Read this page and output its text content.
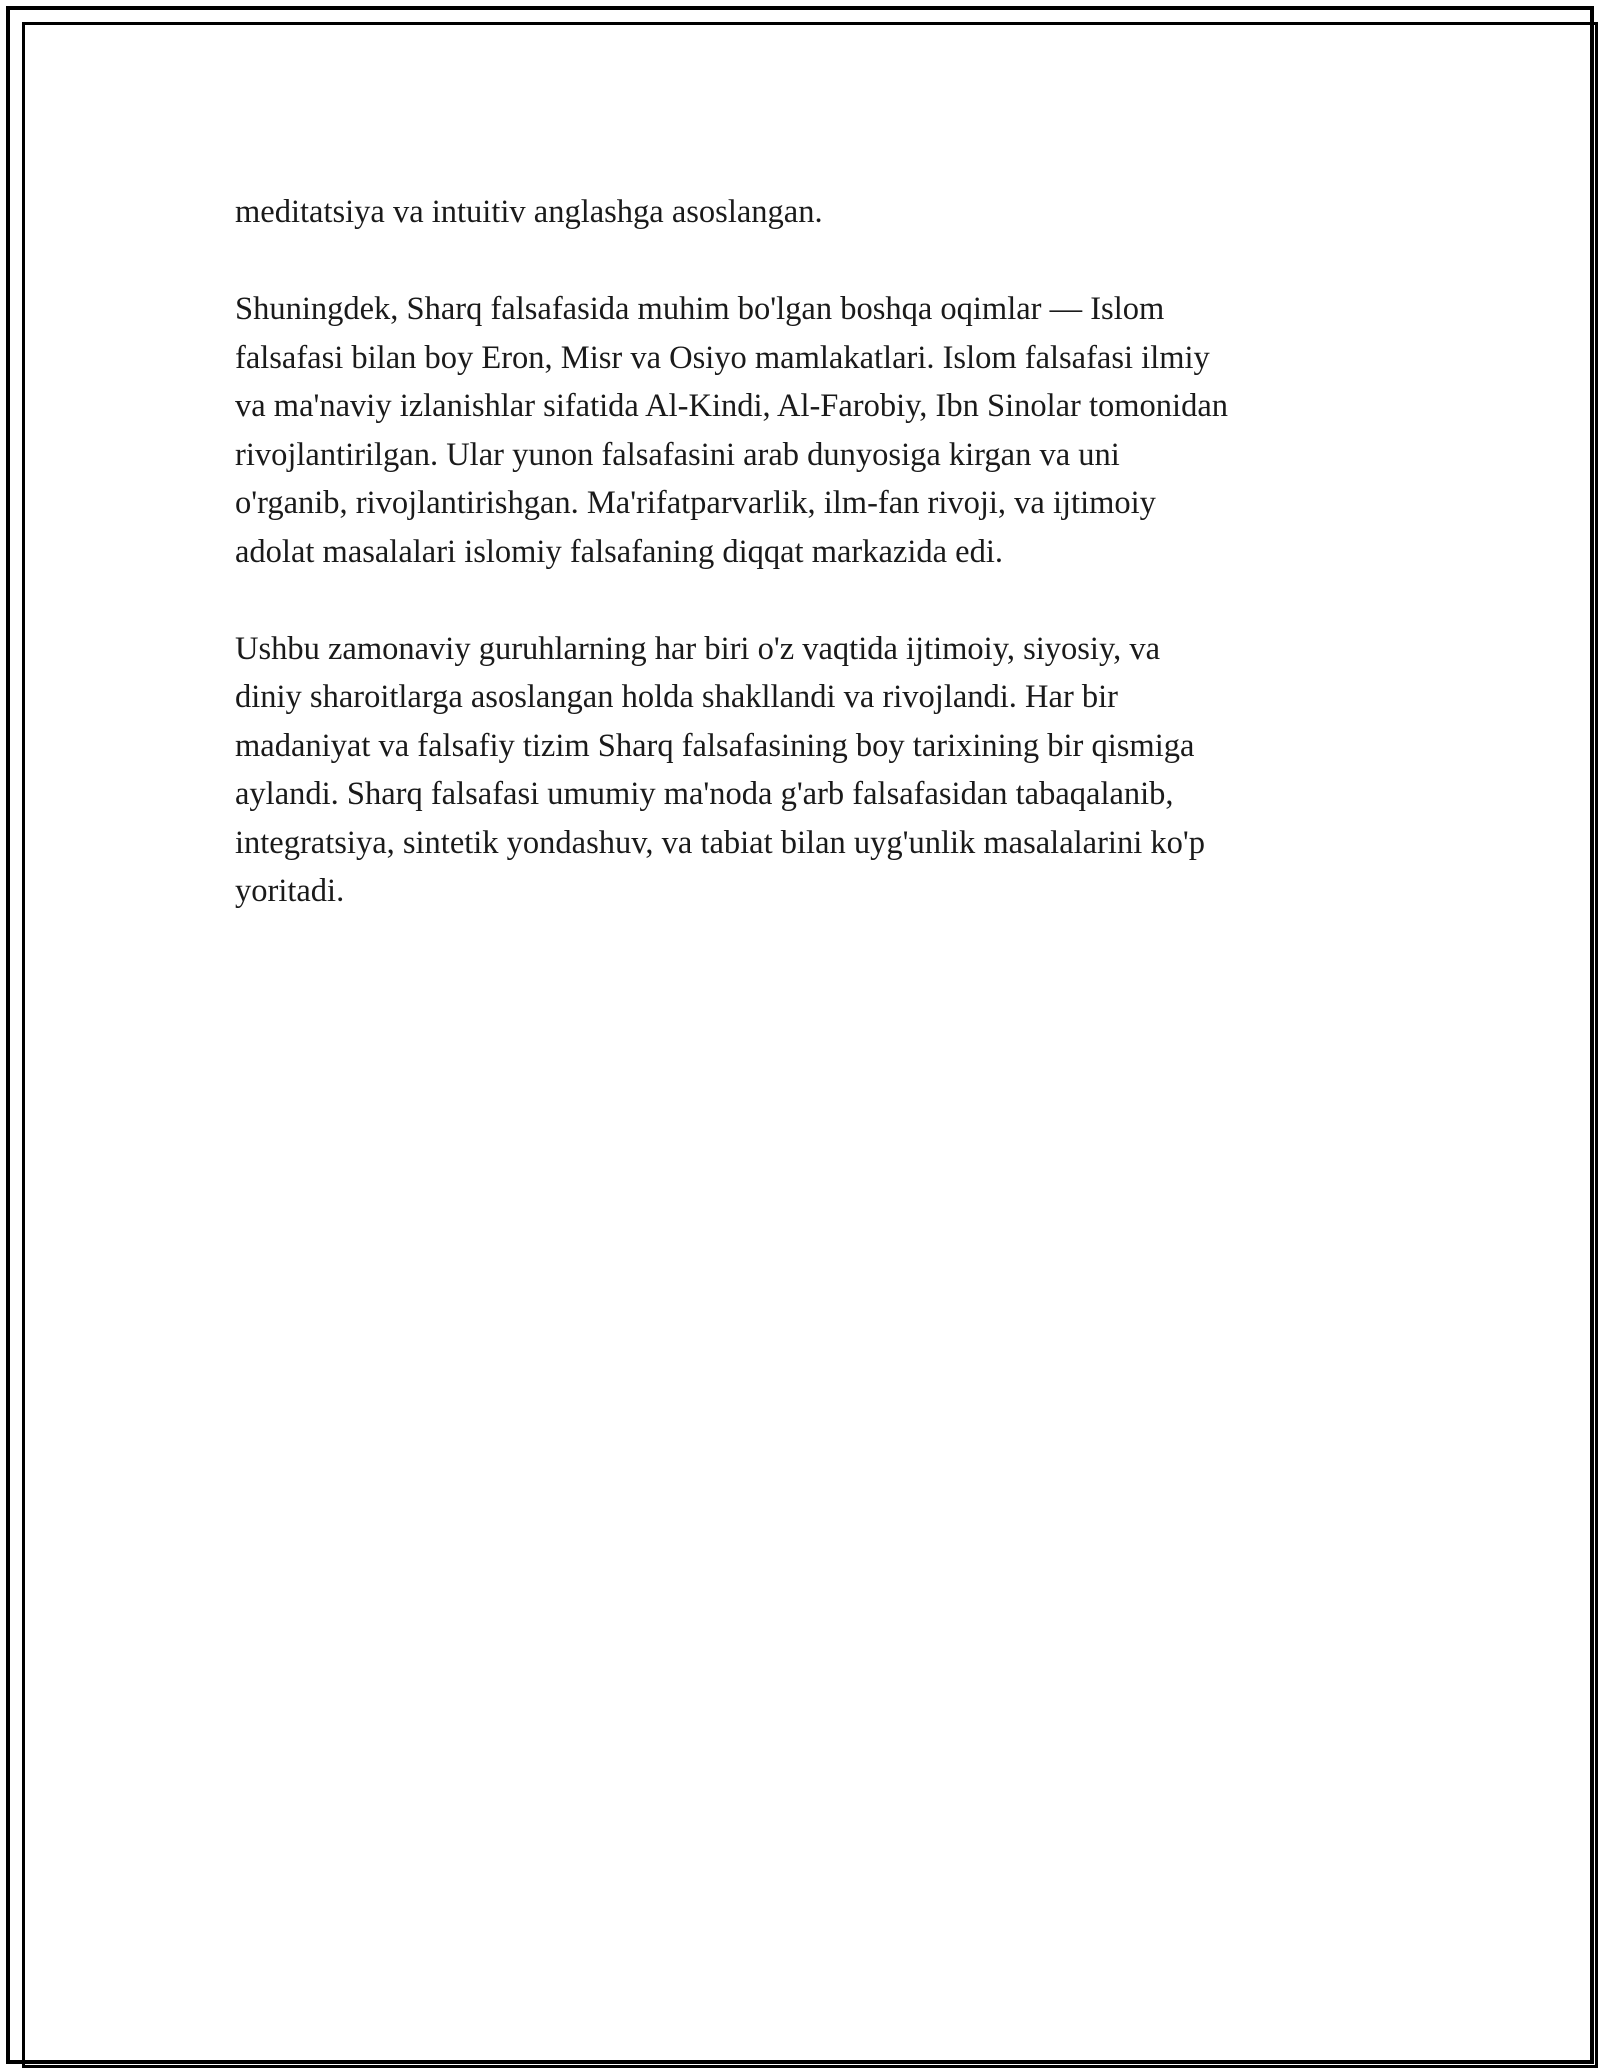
meditatsiya va intuitiv anglashga asoslangan.

Shuningdek, Sharq falsafasida muhim bo'lgan boshqa oqimlar — Islom
falsafasi bilan boy Eron, Misr va Osiyo mamlakatlari. Islom falsafasi ilmiy
va ma'naviy izlanishlar sifatida Al-Kindi, Al-Farobiy, Ibn Sinolar tomonidan
rivojlantirilgan. Ular yunon falsafasini arab dunyosiga kirgan va uni
o'rganib, rivojlantirishgan. Ma'rifatparvarlik, ilm-fan rivoji, va ijtimoiy
adolat masalalari islomiy falsafaning diqqat markazida edi.

Ushbu zamonaviy guruhlarning har biri o'z vaqtida ijtimoiy, siyosiy, va
diniy sharoitlarga asoslangan holda shakllandi va rivojlandi. Har bir
madaniyat va falsafiy tizim Sharq falsafasining boy tarixining bir qismiga
aylandi. Sharq falsafasi umumiy ma'noda g'arb falsafasidan tabaqalanib,
integratsiya, sintetik yondashuv, va tabiat bilan uyg'unlik masalalarini ko'p
yoritadi.
